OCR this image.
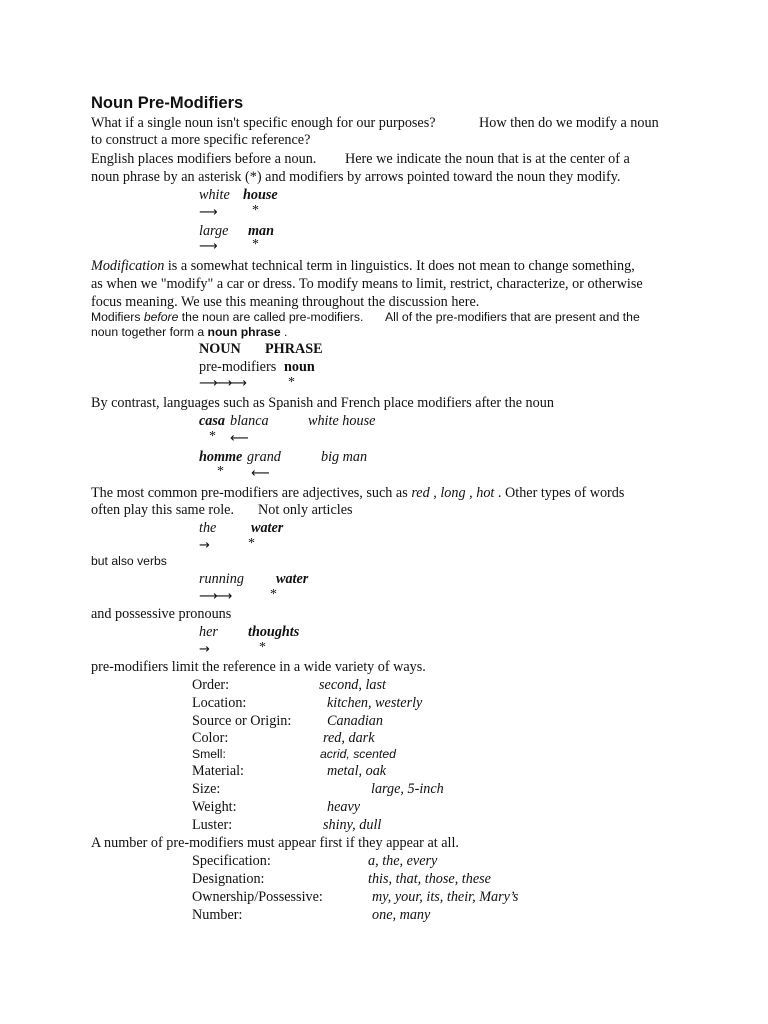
Noun Pre-Modifiers
What if a single noun isn't specific enough for our purposes?	How then do we modify a noun
to construct a more specific reference?
English places modifiers before a noun. Here we indicate the noun that is at the center of a
noun phrase by an asterisk (*) and modifiers by arrows pointed toward the noun they modify.
white house
⟶ *
large man
⟶ *
Modification is a somewhat technical term in linguistics. It does not mean to change something,
as when we "modify" a car or dress. To modify means to limit, restrict, characterize, or otherwise
focus meaning. We use this meaning throughout the discussion here.
Modifiers before the noun are called pre-modifiers. All of the pre-modifiers that are present and the
noun together form a noun phrase .
NOUN PHRASE
pre-modifiers noun
⟶⟶⟶	*
By contrast, languages such as Spanish and French place modifiers after the noun
casa blanca	white house
* ⟵
homme grand	big man
* ⟵
The most common pre-modifiers are adjectives, such as red , long , hot . Other types of words
often play this same role. Not only articles
the water
→	*
but also verbs
running water
⟶⟶	*
and possessive pronouns
her thoughts
→	*
pre-modifiers limit the reference in a wide variety of ways.
Order:	second, last
Location:	kitchen, westerly
Source or Origin:	Canadian
Color:	red, dark
Smell:	acrid, scented
Material:	metal, oak
Size:	large, 5-inch
Weight:	heavy
Luster:	shiny, dull
A number of pre-modifiers must appear first if they appear at all.
Specification:	a, the, every
Designation:	this, that, those, these
Ownership/Possessive:	my, your, its, their, Mary’s
Number:	one, many
